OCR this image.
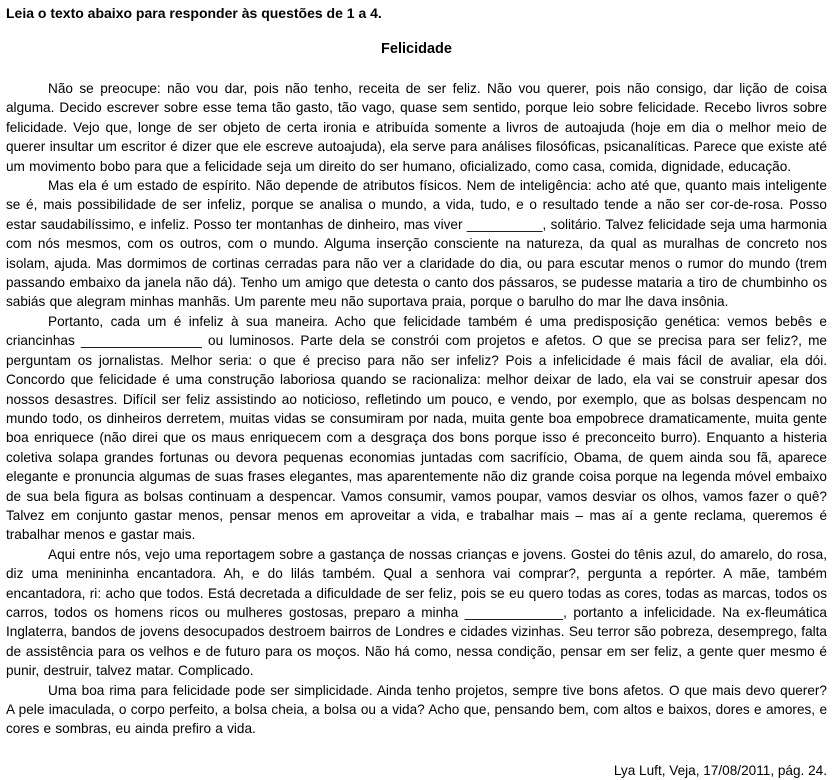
Leia o texto abaixo para responder às questões de 1 a 4.

Felicidade

Não se preocupe: não vou dar, pois não tenho, receita de ser feliz. Não vou querer, pois não consigo, dar lição de coisa alguma. Decido escrever sobre esse tema tão gasto, tão vago, quase sem sentido, porque leio sobre felicidade. Recebo livros sobre felicidade. Vejo que, longe de ser objeto de certa ironia e atribuída somente a livros de autoajuda (hoje em dia o melhor meio de querer insultar um escritor é dizer que ele escreve autoajuda), ela serve para análises filosóficas, psicanalíticas. Parece que existe até um movimento bobo para que a felicidade seja um direito do ser humano, oficializado, como casa, comida, dignidade, educação.

Mas ela é um estado de espírito. Não depende de atributos físicos. Nem de inteligência: acho até que, quanto mais inteligente se é, mais possibilidade de ser infeliz, porque se analisa o mundo, a vida, tudo, e o resultado tende a não ser cor-de-rosa. Posso estar saudabilíssimo, e infeliz. Posso ter montanhas de dinheiro, mas viver __________, solitário. Talvez felicidade seja uma harmonia com nós mesmos, com os outros, com o mundo. Alguma inserção consciente na natureza, da qual as muralhas de concreto nos isolam, ajuda. Mas dormimos de cortinas cerradas para não ver a claridade do dia, ou para escutar menos o rumor do mundo (trem passando embaixo da janela não dá). Tenho um amigo que detesta o canto dos pássaros, se pudesse mataria a tiro de chumbinho os sabiás que alegram minhas manhãs. Um parente meu não suportava praia, porque o barulho do mar lhe dava insônia.

Portanto, cada um é infeliz à sua maneira. Acho que felicidade também é uma predisposição genética: vemos bebês e criancinhas ________________ ou luminosos. Parte dela se constrói com projetos e afetos. O que se precisa para ser feliz?, me perguntam os jornalistas. Melhor seria: o que é preciso para não ser infeliz? Pois a infelicidade é mais fácil de avaliar, ela dói. Concordo que felicidade é uma construção laboriosa quando se racionaliza: melhor deixar de lado, ela vai se construir apesar dos nossos desastres. Difícil ser feliz assistindo ao noticioso, refletindo um pouco, e vendo, por exemplo, que as bolsas despencam no mundo todo, os dinheiros derretem, muitas vidas se consumiram por nada, muita gente boa empobrece dramaticamente, muita gente boa enriquece (não direi que os maus enriquecem com a desgraça dos bons porque isso é preconceito burro). Enquanto a histeria coletiva solapa grandes fortunas ou devora pequenas economias juntadas com sacrifício, Obama, de quem ainda sou fã, aparece elegante e pronuncia algumas de suas frases elegantes, mas aparentemente não diz grande coisa porque na legenda móvel embaixo de sua bela figura as bolsas continuam a despencar. Vamos consumir, vamos poupar, vamos desviar os olhos, vamos fazer o quê? Talvez em conjunto gastar menos, pensar menos em aproveitar a vida, e trabalhar mais – mas aí a gente reclama, queremos é trabalhar menos e gastar mais.

Aqui entre nós, vejo uma reportagem sobre a gastança de nossas crianças e jovens. Gostei do tênis azul, do amarelo, do rosa, diz uma menininha encantadora. Ah, e do lilás também. Qual a senhora vai comprar?, pergunta a repórter. A mãe, também encantadora, ri: acho que todos. Está decretada a dificuldade de ser feliz, pois se eu quero todas as cores, todas as marcas, todos os carros, todos os homens ricos ou mulheres gostosas, preparo a minha _____________, portanto a infelicidade. Na ex-fleumática Inglaterra, bandos de jovens desocupados destroem bairros de Londres e cidades vizinhas. Seu terror são pobreza, desemprego, falta de assistência para os velhos e de futuro para os moços. Não há como, nessa condição, pensar em ser feliz, a gente quer mesmo é punir, destruir, talvez matar. Complicado.

Uma boa rima para felicidade pode ser simplicidade. Ainda tenho projetos, sempre tive bons afetos. O que mais devo querer? A pele imaculada, o corpo perfeito, a bolsa cheia, a bolsa ou a vida? Acho que, pensando bem, com altos e baixos, dores e amores, e cores e sombras, eu ainda prefiro a vida.

Lya Luft, Veja, 17/08/2011, pág. 24.
